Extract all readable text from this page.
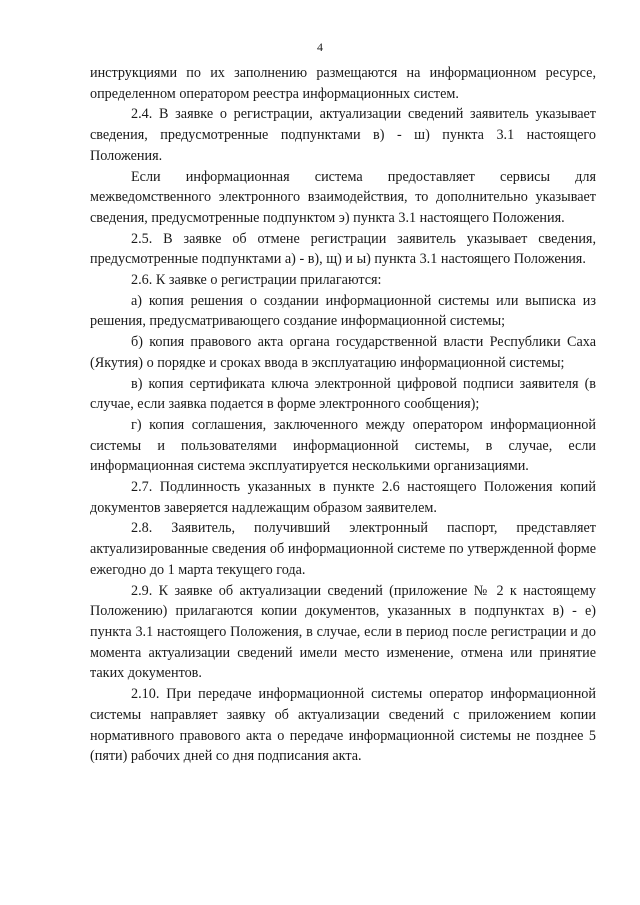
4

инструкциями по их заполнению размещаются на информационном ресурсе, определенном оператором реестра информационных систем.

2.4. В заявке о регистрации, актуализации сведений заявитель указывает сведения, предусмотренные подпунктами в) - ш) пункта 3.1 настоящего Положения.

Если информационная система предоставляет сервисы для межведомственного электронного взаимодействия, то дополнительно указывает сведения, предусмотренные подпунктом э) пункта 3.1 настоящего Положения.

2.5. В заявке об отмене регистрации заявитель указывает сведения, предусмотренные подпунктами а) - в), щ) и ы) пункта 3.1 настоящего Положения.

2.6. К заявке о регистрации прилагаются:

а) копия решения о создании информационной системы или выписка из решения, предусматривающего создание информационной системы;

б) копия правового акта органа государственной власти Республики Саха (Якутия) о порядке и сроках ввода в эксплуатацию информационной системы;

в) копия сертификата ключа электронной цифровой подписи заявителя (в случае, если заявка подается в форме электронного сообщения);

г) копия соглашения, заключенного между оператором информационной системы и пользователями информационной системы, в случае, если информационная система эксплуатируется несколькими организациями.

2.7. Подлинность указанных в пункте 2.6 настоящего Положения копий документов заверяется надлежащим образом заявителем.

2.8. Заявитель, получивший электронный паспорт, представляет актуализированные сведения об информационной системе по утвержденной форме ежегодно до 1 марта текущего года.

2.9. К заявке об актуализации сведений (приложение № 2 к настоящему Положению) прилагаются копии документов, указанных в подпунктах в) - е) пункта 3.1 настоящего Положения, в случае, если в период после регистрации и до момента актуализации сведений имели место изменение, отмена или принятие таких документов.

2.10. При передаче информационной системы оператор информационной системы направляет заявку об актуализации сведений с приложением копии нормативного правового акта о передаче информационной системы не позднее 5 (пяти) рабочих дней со дня подписания акта.
